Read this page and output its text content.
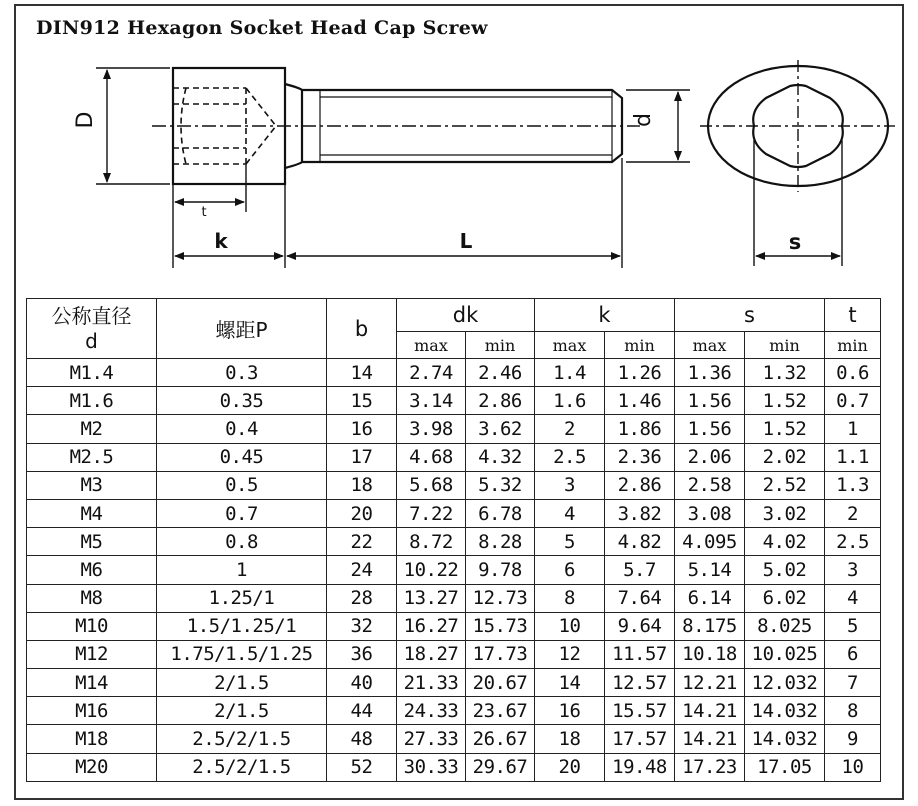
DIN912 Hexagon Socket Head Cap Screw
D	d
t
k	L	s
公称直径
d	螺距P	b	dk		k		s		t
			max	min	max	min	max	min	min
M1.4	0.3	14	2.74	2.46	1.4	1.26	1.36	1.32	0.6
M1.6	0.35	15	3.14	2.86	1.6	1.46	1.56	1.52	0.7
M2	0.4	16	3.98	3.62	2	1.86	1.56	1.52	1
M2.5	0.45	17	4.68	4.32	2.5	2.36	2.06	2.02	1.1
M3	0.5	18	5.68	5.32	3	2.86	2.58	2.52	1.3
M4	0.7	20	7.22	6.78	4	3.82	3.08	3.02	2
M5	0.8	22	8.72	8.28	5	4.82	4.095	4.02	2.5
M6	1	24	10.22	9.78	6	5.7	5.14	5.02	3
M8	1.25/1	28	13.27	12.73	8	7.64	6.14	6.02	4
M10	1.5/1.25/1	32	16.27	15.73	10	9.64	8.175	8.025	5
M12	1.75/1.5/1.25	36	18.27	17.73	12	11.57	10.18	10.025	6
M14	2/1.5	40	21.33	20.67	14	12.57	12.21	12.032	7
M16	2/1.5	44	24.33	23.67	16	15.57	14.21	14.032	8
M18	2.5/2/1.5	48	27.33	26.67	18	17.57	14.21	14.032	9
M20	2.5/2/1.5	52	30.33	29.67	20	19.48	17.23	17.05	10
